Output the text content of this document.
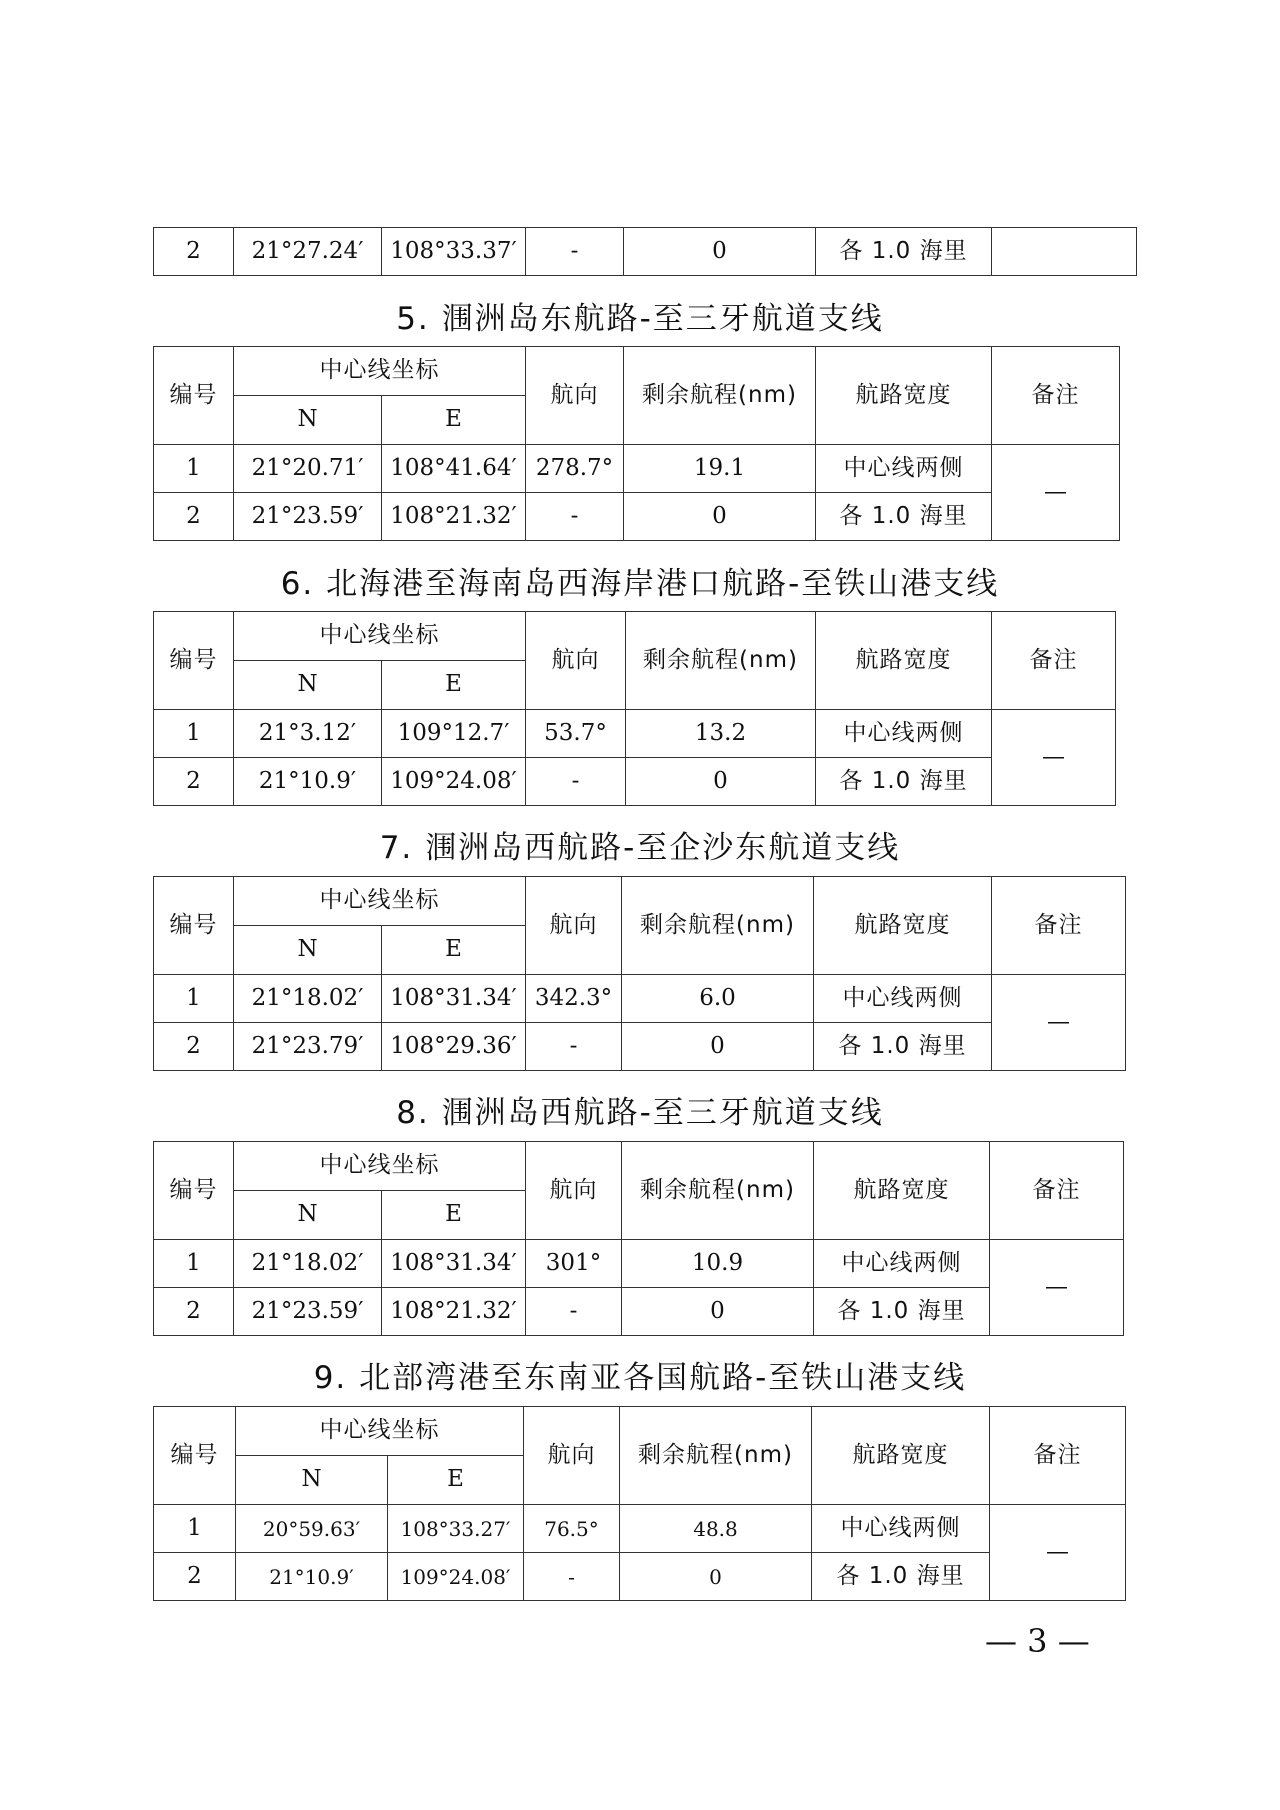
2	21°27.24′	108°33.37′	-	0	各 1.0 海里	
5. 涠洲岛东航路-至三牙航道支线
编号	中心线坐标		航向	剩余航程(nm)	航路宽度	备注
	N	E				
1	21°20.71′	108°41.64′	278.7°	19.1	中心线两侧	—
2	21°23.59′	108°21.32′	-	0	各 1.0 海里	
6. 北海港至海南岛西海岸港口航路-至铁山港支线
编号	中心线坐标		航向	剩余航程(nm)	航路宽度	备注
	N	E				
1	21°3.12′	109°12.7′	53.7°	13.2	中心线两侧	—
2	21°10.9′	109°24.08′	-	0	各 1.0 海里	
7. 涠洲岛西航路-至企沙东航道支线
编号	中心线坐标		航向	剩余航程(nm)	航路宽度	备注
	N	E				
1	21°18.02′	108°31.34′	342.3°	6.0	中心线两侧	—
2	21°23.79′	108°29.36′	-	0	各 1.0 海里	
8. 涠洲岛西航路-至三牙航道支线
编号	中心线坐标		航向	剩余航程(nm)	航路宽度	备注
	N	E				
1	21°18.02′	108°31.34′	301°	10.9	中心线两侧	—
2	21°23.59′	108°21.32′	-	0	各 1.0 海里	
9. 北部湾港至东南亚各国航路-至铁山港支线
编号	中心线坐标		航向	剩余航程(nm)	航路宽度	备注
	N	E				
1	20°59.63′	108°33.27′	76.5°	48.8	中心线两侧	—
2	21°10.9′	109°24.08′	-	0	各 1.0 海里	
— 3 —
